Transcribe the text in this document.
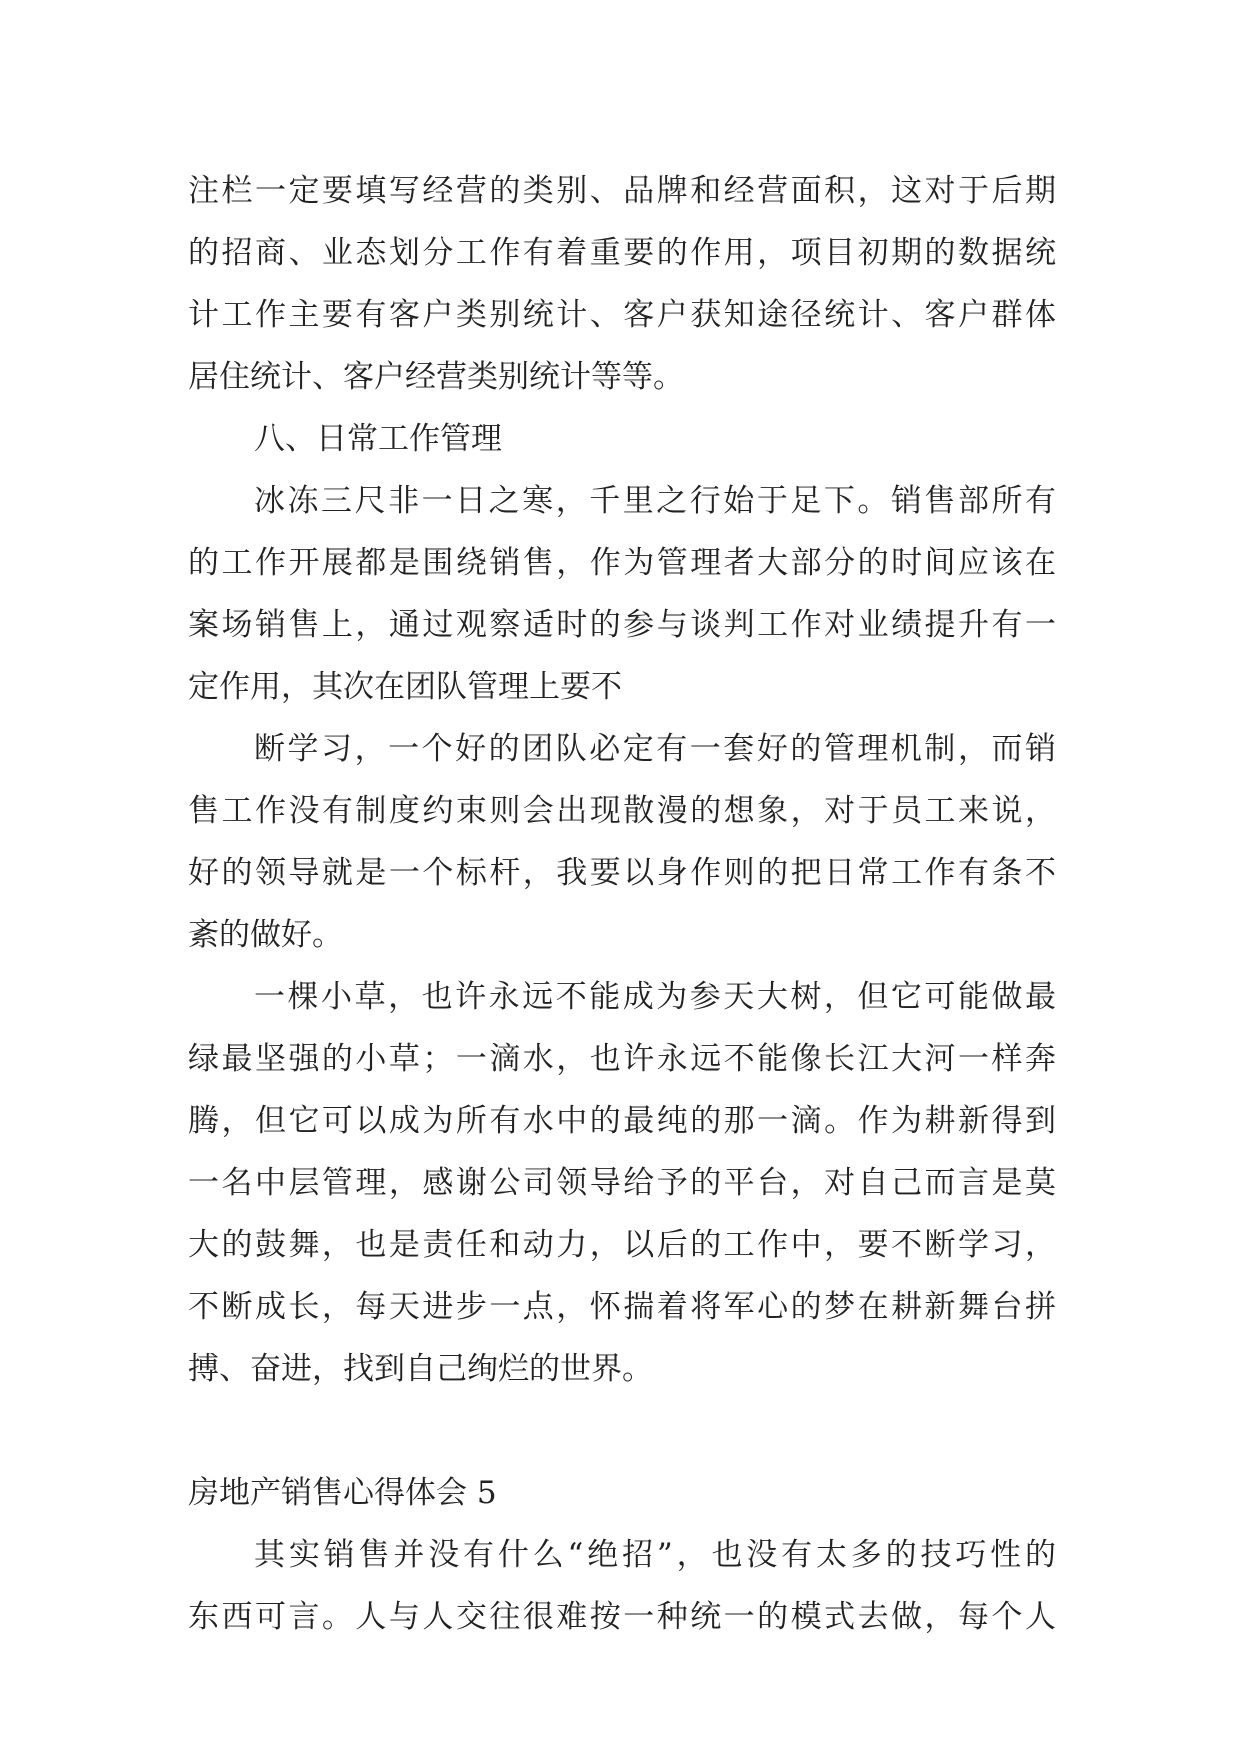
注栏一定要填写经营的类别、品牌和经营面积，这对于后期
的招商、业态划分工作有着重要的作用，项目初期的数据统
计工作主要有客户类别统计、客户获知途径统计、客户群体
居住统计、客户经营类别统计等等。
八、日常工作管理
冰冻三尺非一日之寒，千里之行始于足下。销售部所有
的工作开展都是围绕销售，作为管理者大部分的时间应该在
案场销售上，通过观察适时的参与谈判工作对业绩提升有一
定作用，其次在团队管理上要不
断学习，一个好的团队必定有一套好的管理机制，而销
售工作没有制度约束则会出现散漫的想象，对于员工来说，
好的领导就是一个标杆，我要以身作则的把日常工作有条不
紊的做好。
一棵小草，也许永远不能成为参天大树，但它可能做最
绿最坚强的小草；一滴水，也许永远不能像长江大河一样奔
腾，但它可以成为所有水中的最纯的那一滴。作为耕新得到
一名中层管理，感谢公司领导给予的平台，对自己而言是莫
大的鼓舞，也是责任和动力，以后的工作中，要不断学习，
不断成长，每天进步一点，怀揣着将军心的梦在耕新舞台拼
搏、奋进，找到自己绚烂的世界。
房地产销售心得体会 5
其实销售并没有什么“绝招”，也没有太多的技巧性的
东西可言。人与人交往很难按一种统一的模式去做，每个人
